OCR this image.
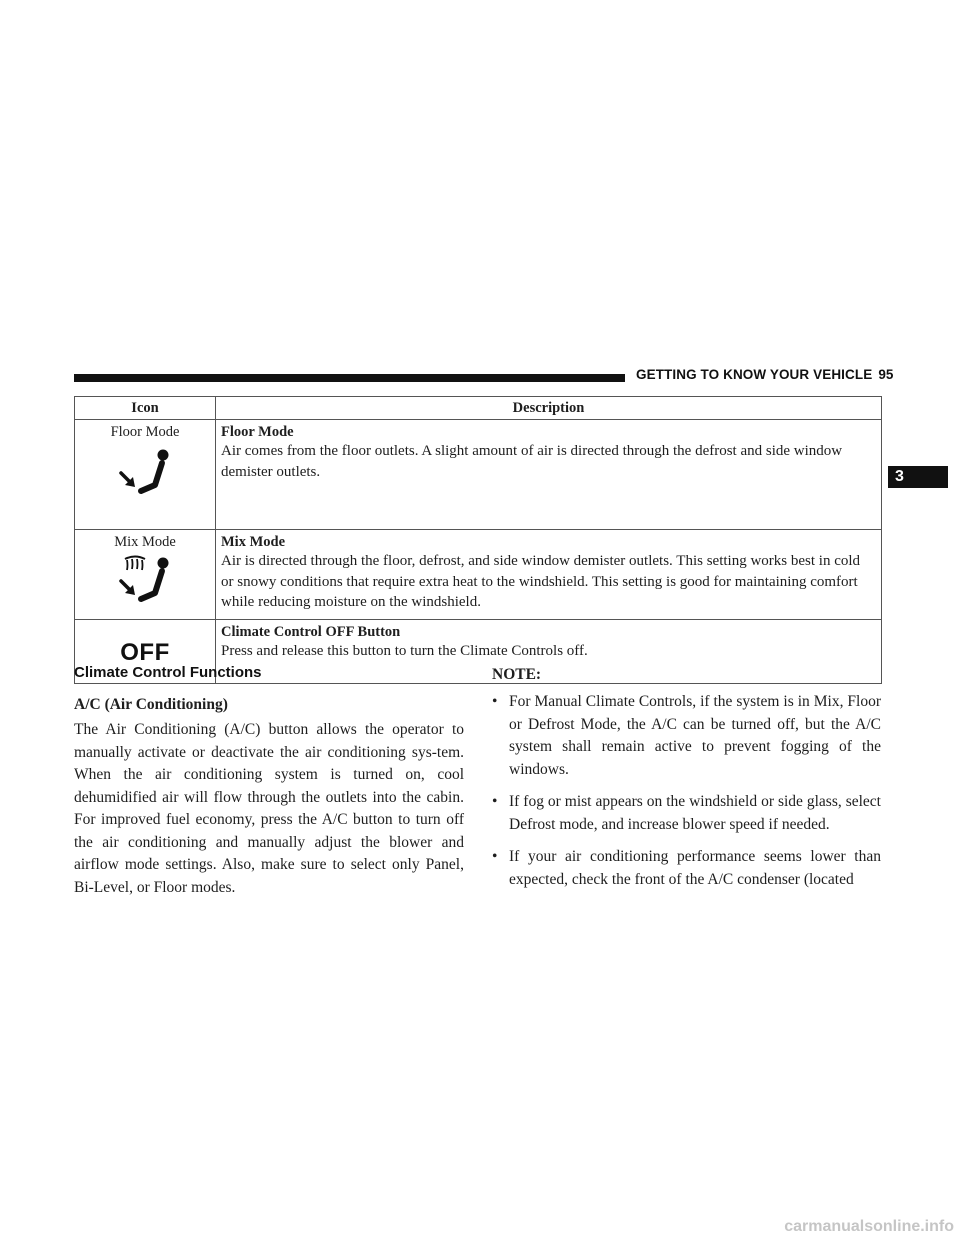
GETTING TO KNOW YOUR VEHICLE 95
3
Icon	Description

Floor Mode	Floor Mode
Air comes from the floor outlets. A slight amount of air is directed through the defrost and side window demister outlets.

Mix Mode	Mix Mode
Air is directed through the floor, defrost, and side window demister outlets. This setting works best in cold or snowy conditions that require extra heat to the windshield. This setting is good for maintaining comfort while reducing moisture on the windshield.

OFF	Climate Control OFF Button
Press and release this button to turn the Climate Controls off.
Climate Control Functions
A/C (Air Conditioning)

The Air Conditioning (A/C) button allows the operator to manually activate or deactivate the air conditioning sys-tem. When the air conditioning system is turned on, cool dehumidified air will flow through the outlets into the cabin. For improved fuel economy, press the A/C button to turn off the air conditioning and manually adjust the blower and airflow mode settings. Also, make sure to select only Panel, Bi-Level, or Floor modes.

NOTE:
• For Manual Climate Controls, if the system is in Mix, Floor or Defrost Mode, the A/C can be turned off, but the A/C system shall remain active to prevent fogging of the windows.
• If fog or mist appears on the windshield or side glass, select Defrost mode, and increase blower speed if needed.
• If your air conditioning performance seems lower than expected, check the front of the A/C condenser (located
carmanualsonline.info
